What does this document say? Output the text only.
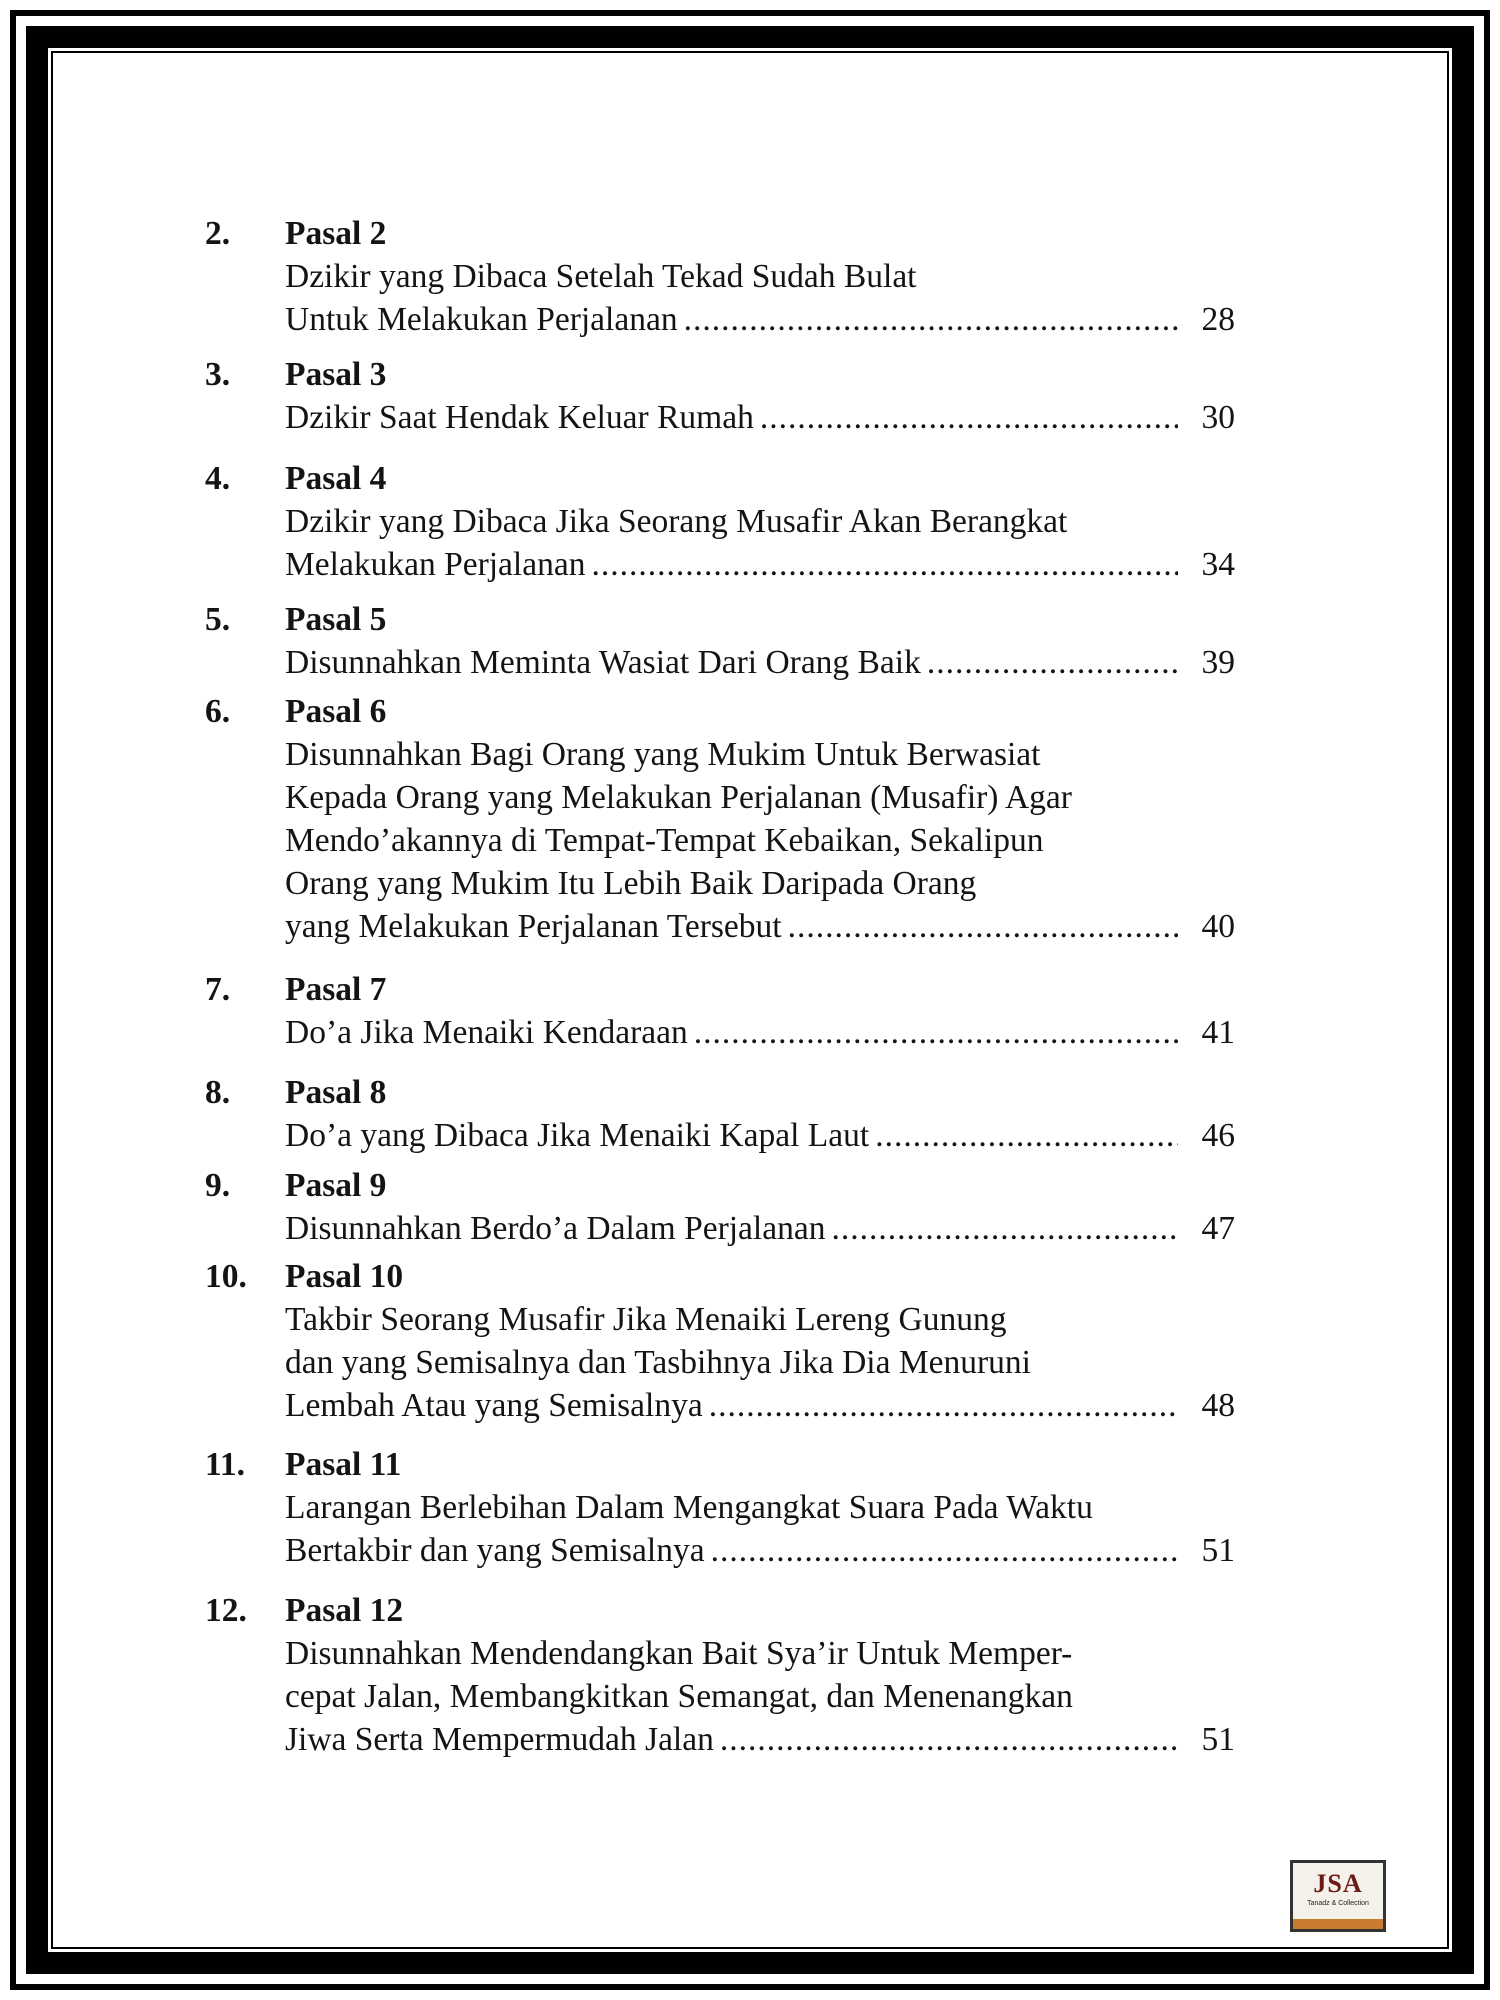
2. Pasal 2
Dzikir yang Dibaca Setelah Tekad Sudah Bulat
Untuk Melakukan Perjalanan .....	28
3. Pasal 3
Dzikir Saat Hendak Keluar Rumah .....	30
4. Pasal 4
Dzikir yang Dibaca Jika Seorang Musafir Akan Berangkat
Melakukan Perjalanan .....	34
5. Pasal 5
Disunnahkan Meminta Wasiat Dari Orang Baik .....	39
6. Pasal 6
Disunnahkan Bagi Orang yang Mukim Untuk Berwasiat
Kepada Orang yang Melakukan Perjalanan (Musafir) Agar
Mendo’akannya di Tempat-Tempat Kebaikan, Sekalipun
Orang yang Mukim Itu Lebih Baik Daripada Orang
yang Melakukan Perjalanan Tersebut .....	40
7. Pasal 7
Do’a Jika Menaiki Kendaraan .....	41
8. Pasal 8
Do’a yang Dibaca Jika Menaiki Kapal Laut .....	46
9. Pasal 9
Disunnahkan Berdo’a Dalam Perjalanan .....	47
10. Pasal 10
Takbir Seorang Musafir Jika Menaiki Lereng Gunung
dan yang Semisalnya dan Tasbihnya Jika Dia Menuruni
Lembah Atau yang Semisalnya .....	48
11. Pasal 11
Larangan Berlebihan Dalam Mengangkat Suara Pada Waktu
Bertakbir dan yang Semisalnya .....	51
12. Pasal 12
Disunnahkan Mendendangkan Bait Sya’ir Untuk Memper-
cepat Jalan, Membangkitkan Semangat, dan Menenangkan
Jiwa Serta Mempermudah Jalan .....	51
JSA
Tanadz & Collection
